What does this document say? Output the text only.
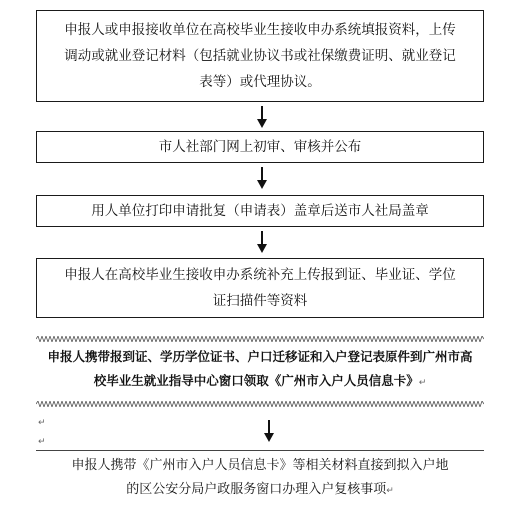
申报人或申报接收单位在高校毕业生接收申办系统填报资料，上传
调动或就业登记材料（包括就业协议书或社保缴费证明、就业登记
表等）或代理协议。
市人社部门网上初审、审核并公布
用人单位打印申请批复（申请表）盖章后送市人社局盖章
申报人在高校毕业生接收申办系统补充上传报到证、毕业证、学位
证扫描件等资料
申报人携带报到证、学历学位证书、户口迁移证和入户登记表原件到广州市高
校毕业生就业指导中心窗口领取《广州市入户人员信息卡》↵
↵
↵
申报人携带《广州市入户人员信息卡》等相关材料直接到拟入户地
的区公安分局户政服务窗口办理入户复核事项↵
